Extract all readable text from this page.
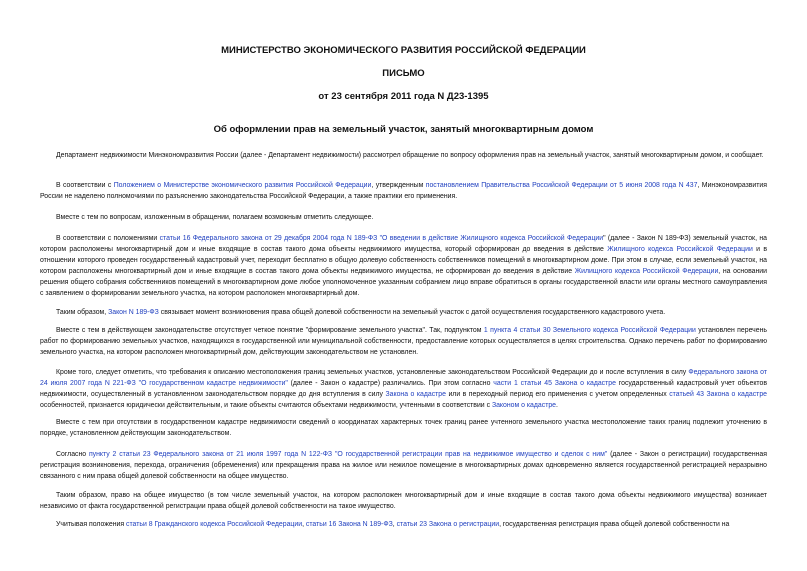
МИНИСТЕРСТВО ЭКОНОМИЧЕСКОГО РАЗВИТИЯ РОССИЙСКОЙ ФЕДЕРАЦИИ
ПИСЬМО
от 23 сентября 2011 года N Д23-1395
Об оформлении прав на земельный участок, занятый многоквартирным домом

Департамент недвижимости Минэкономразвития России (далее - Департамент недвижимости) рассмотрел обращение по вопросу оформления прав на земельный участок, занятый многоквартирным домом, и сообщает.

В соответствии с Положением о Министерстве экономического развития Российской Федерации, утвержденным постановлением Правительства Российской Федерации от 5 июня 2008 года N 437, Минэкономразвития России не наделено полномочиями по разъяснению законодательства Российской Федерации, а также практики его применения.

Вместе с тем по вопросам, изложенным в обращении, полагаем возможным отметить следующее.

В соответствии с положениями статьи 16 Федерального закона от 29 декабря 2004 года N 189-ФЗ "О введении в действие Жилищного кодекса Российской Федерации" (далее - Закон N 189-ФЗ) земельный участок, на котором расположены многоквартирный дом и иные входящие в состав такого дома объекты недвижимого имущества, который сформирован до введения в действие Жилищного кодекса Российской Федерации и в отношении которого проведен государственный кадастровый учет, переходит бесплатно в общую долевую собственность собственников помещений в многоквартирном доме. При этом в случае, если земельный участок, на котором расположены многоквартирный дом и иные входящие в состав такого дома объекты недвижимого имущества, не сформирован до введения в действие Жилищного кодекса Российской Федерации, на основании решения общего собрания собственников помещений в многоквартирном доме любое уполномоченное указанным собранием лицо вправе обратиться в органы государственной власти или органы местного самоуправления с заявлением о формировании земельного участка, на котором расположен многоквартирный дом.

Таким образом, Закон N 189-ФЗ связывает момент возникновения права общей долевой собственности на земельный участок с датой осуществления государственного кадастрового учета.

Вместе с тем в действующем законодательстве отсутствует четкое понятие "формирование земельного участка". Так, подпунктом 1 пункта 4 статьи 30 Земельного кодекса Российской Федерации установлен перечень работ по формированию земельных участков, находящихся в государственной или муниципальной собственности, предоставление которых осуществляется в целях строительства. Однако перечень работ по формированию земельного участка, на котором расположен многоквартирный дом, действующим законодательством не установлен.

Кроме того, следует отметить, что требования к описанию местоположения границ земельных участков, установленные законодательством Российской Федерации до и после вступления в силу Федерального закона от 24 июля 2007 года N 221-ФЗ "О государственном кадастре недвижимости" (далее - Закон о кадастре) различались. При этом согласно части 1 статьи 45 Закона о кадастре государственный кадастровый учет объектов недвижимости, осуществленный в установленном законодательством порядке до дня вступления в силу Закона о кадастре или в переходный период его применения с учетом определенных статьей 43 Закона о кадастре особенностей, признается юридически действительным, и такие объекты считаются объектами недвижимости, учтенными в соответствии с Законом о кадастре.

Вместе с тем при отсутствии в государственном кадастре недвижимости сведений о координатах характерных точек границ ранее учтенного земельного участка местоположение таких границ подлежит уточнению в порядке, установленном действующим законодательством.

Согласно пункту 2 статьи 23 Федерального закона от 21 июля 1997 года N 122-ФЗ "О государственной регистрации прав на недвижимое имущество и сделок с ним" (далее - Закон о регистрации) государственная регистрация возникновения, перехода, ограничения (обременения) или прекращения права на жилое или нежилое помещение в многоквартирных домах одновременно является государственной регистрацией неразрывно связанного с ним права общей долевой собственности на общее имущество.

Таким образом, право на общее имущество (в том числе земельный участок, на котором расположен многоквартирный дом и иные входящие в состав такого дома объекты недвижимого имущества) возникает независимо от факта государственной регистрации права общей долевой собственности на такое имущество.

Учитывая положения статьи 8 Гражданского кодекса Российской Федерации, статьи 16 Закона N 189-ФЗ, статьи 23 Закона о регистрации, государственная регистрация права общей долевой собственности на
